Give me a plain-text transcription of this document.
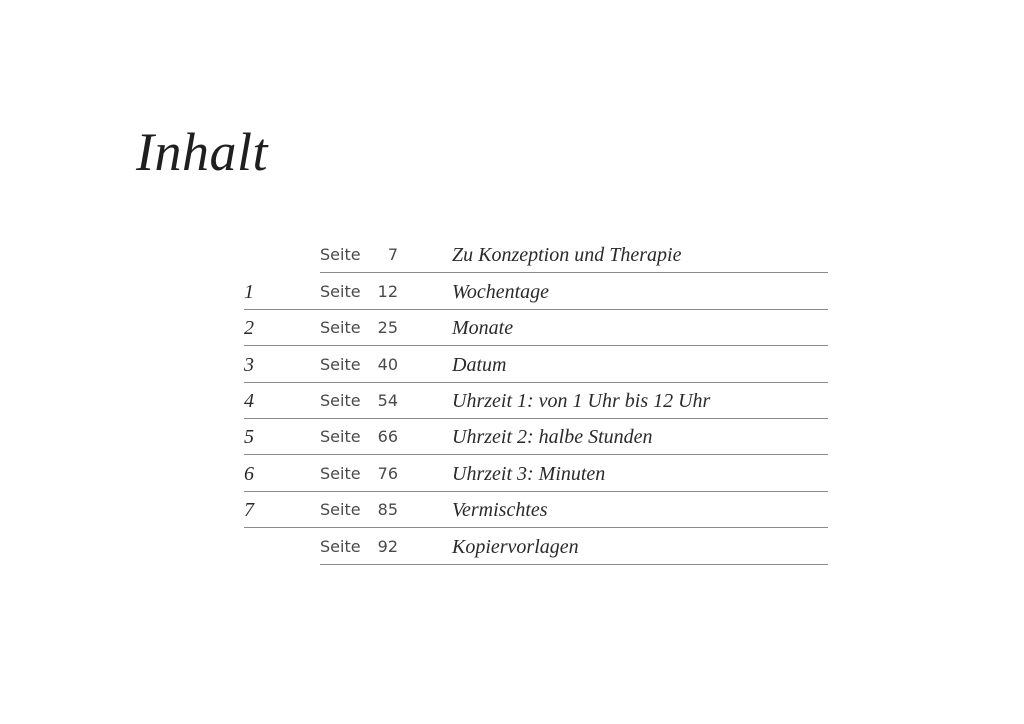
Inhalt
Seite	7	Zu Konzeption und Therapie
1	Seite	12	Wochentage
2	Seite	25	Monate
3	Seite	40	Datum
4	Seite	54	Uhrzeit 1: von 1 Uhr bis 12 Uhr
5	Seite	66	Uhrzeit 2: halbe Stunden
6	Seite	76	Uhrzeit 3: Minuten
7	Seite	85	Vermischtes
Seite	92	Kopiervorlagen
